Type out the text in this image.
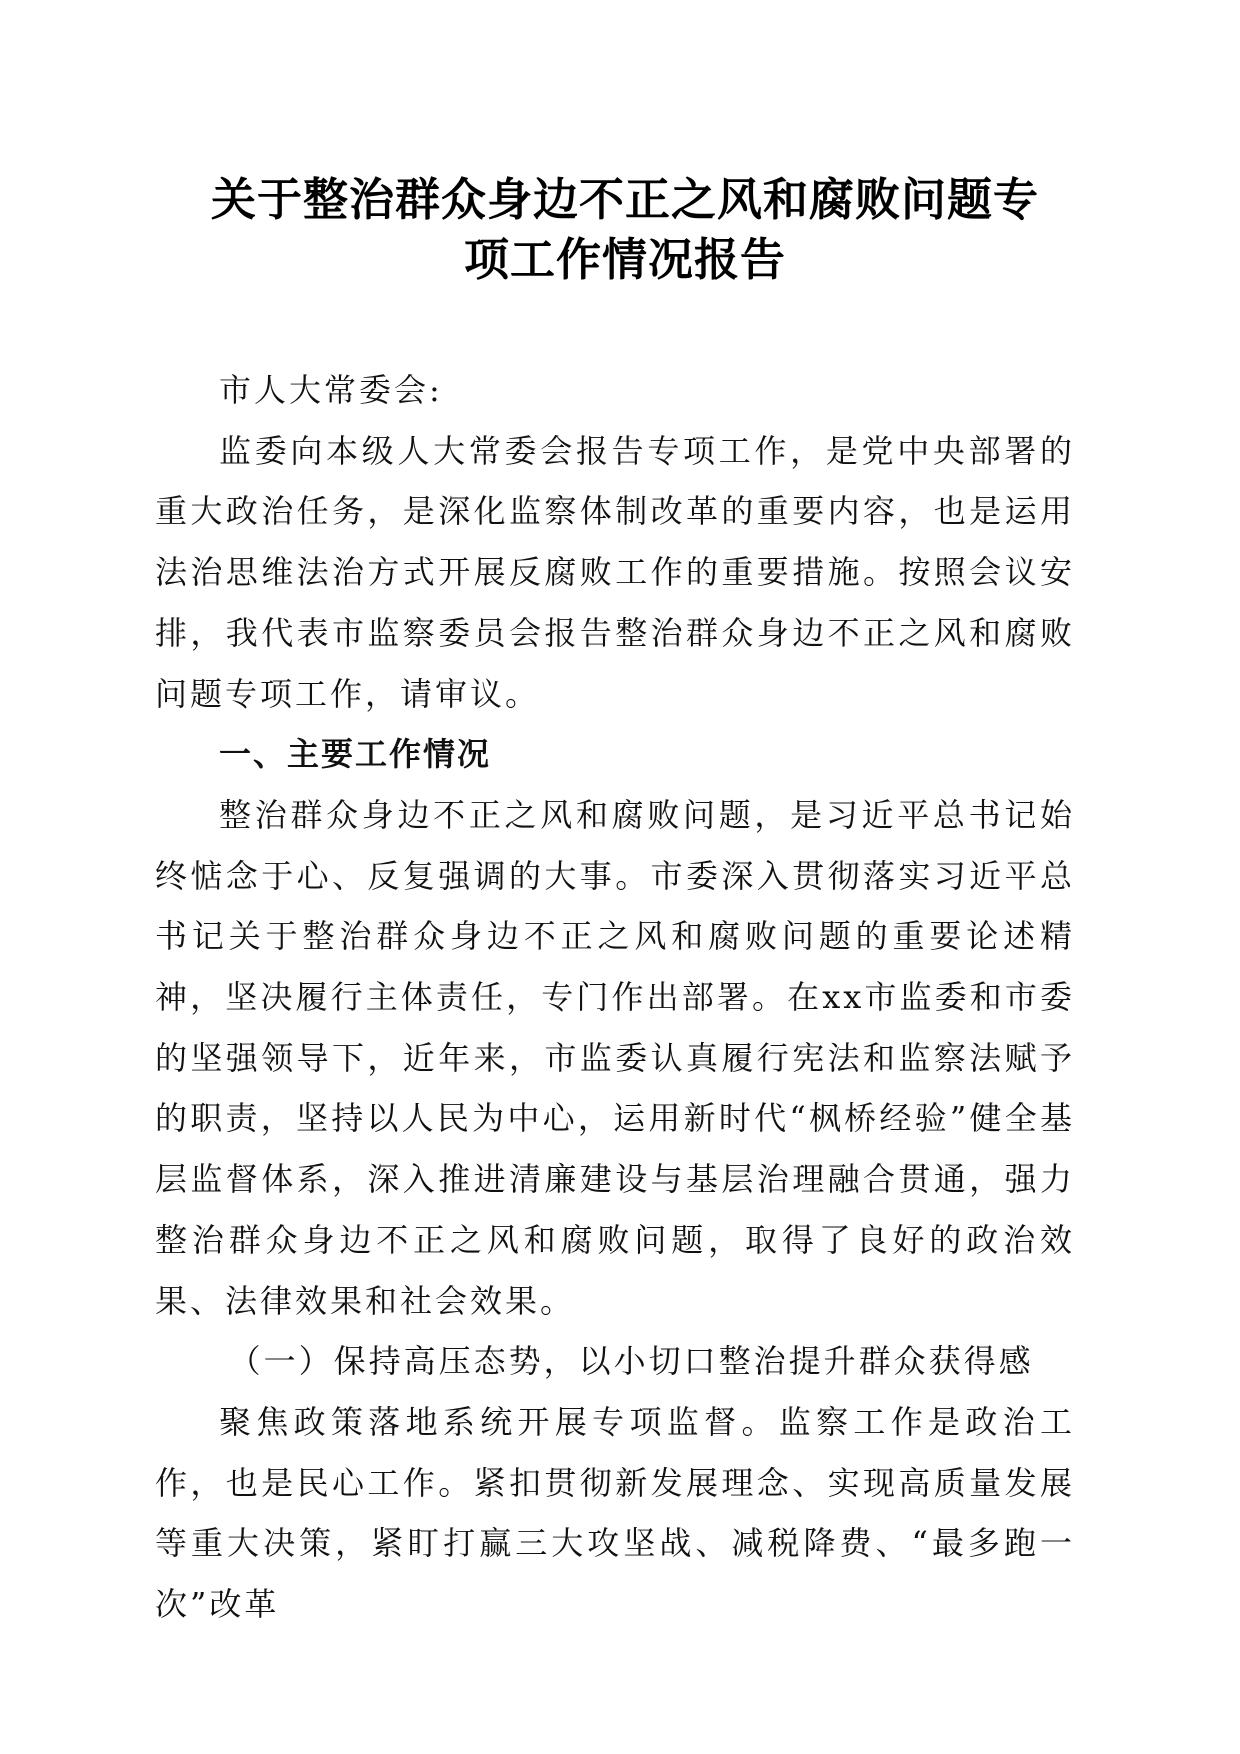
关于整治群众身边不正之风和腐败问题专
项工作情况报告

市人大常委会:

监委向本级人大常委会报告专项工作，是党中央部署的重大政治任务，是深化监察体制改革的重要内容，也是运用法治思维法治方式开展反腐败工作的重要措施。按照会议安排，我代表市监察委员会报告整治群众身边不正之风和腐败问题专项工作，请审议。

一、主要工作情况

整治群众身边不正之风和腐败问题，是习近平总书记始终惦念于心、反复强调的大事。市委深入贯彻落实习近平总书记关于整治群众身边不正之风和腐败问题的重要论述精神，坚决履行主体责任，专门作出部署。在xx市监委和市委的坚强领导下，近年来，市监委认真履行宪法和监察法赋予的职责，坚持以人民为中心，运用新时代“枫桥经验”健全基层监督体系，深入推进清廉建设与基层治理融合贯通，强力整治群众身边不正之风和腐败问题，取得了良好的政治效果、法律效果和社会效果。

（一）保持高压态势，以小切口整治提升群众获得感

聚焦政策落地系统开展专项监督。监察工作是政治工作，也是民心工作。紧扣贯彻新发展理念、实现高质量发展等重大决策，紧盯打赢三大攻坚战、减税降费、“最多跑一次”改革
